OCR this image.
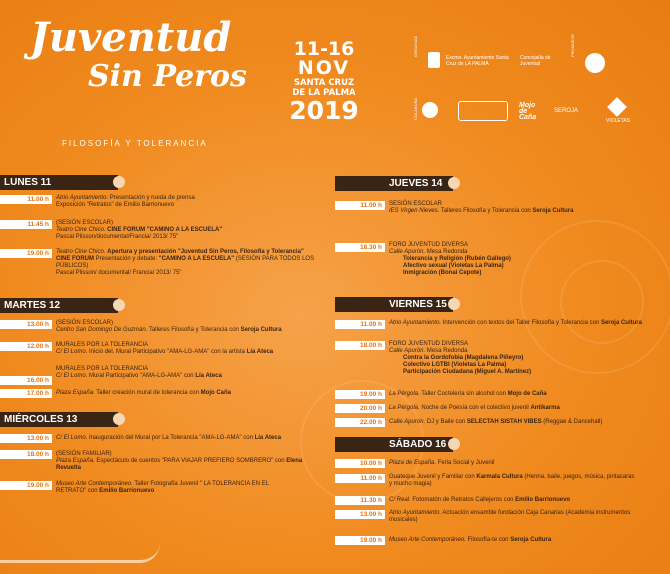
Juventud
Sin Peros
FILOSOFÍA Y TOLERANCIA
11-16
NOV
SANTA CRUZ
DE LA PALMA
2019
ORGANIZA
Excmo. Ayuntamiento Santa Cruz de LA PALMA
Concejalía de Juventud
PROMUEVE
COLABORA	Mojo de Caña
SEROJA
VIOLETAS
LUNES 11
11.00 h	Atrio Ayuntamiento. Presentación y rueda de prensa
Exposición "Retratos" de Emilio Barrionuevo
11.45 h	(SESIÓN ESCOLAR)
Teatro Cine Chico. CINE FORUM "CAMINO A LA ESCUELA"
Pascal Plisson/documental/Francia/ 2013/ 75"
19.00 h	Teatro Cine Chico. Apertura y presentación "Juventud Sin Peros, Filosofía y Tolerancia"
CINE FORUM Presentación y debate: "CAMINO A LA ESCUELA" (SESIÓN PARA TODOS LOS PÚBLICOS)
Pascal Plisson/ documental/ Francia/ 2013/ 75"
MARTES 12
13.00 h	(SESIÓN ESCOLAR)
Centro San Domingo De Guzmán. Talleres Filosofía y Tolerancia con Seroja Cultura
12.00 h	MURALES POR LA TOLERANCIA
C/ El Lomo. Inicio del. Mural Participativo "AMA-LG-AMA" con la artista Lía Ateca
16.00 h
MURALES POR LA TOLERANCIA
C/ El Lomo. Mural Participativo "AMA-LG-AMA" con Lía Ateca
17.00 h	Plaza España. Taller creación mural de tolerancia con Mojo Caña
MIÉRCOLES 13
13.00 h	C/ El Lomo. Inauguración del Mural por La Tolerancia "AMA-LG-AMA" con Lía Ateca
18.00 h	(SESIÓN FAMILIAR)
Plaza España. Espectáculo de cuentos "PARA VIAJAR PREFIERO SOMBRERO" con Elena Revuelta
19.00 h	Museo Arte Contemporáneo. Taller Fotografía Juvenil " LA TOLERANCIA EN EL RETRATO" con Emilio Barrionuevo
JUEVES 14
11.00 h	SESIÓN ESCOLAR
IES Virgen Nieves. Talleres Filosofía y Tolerancia con Seroja Cultura
18.30 h	FORO JUVENTUD DIVERSA
Calle Apurón. Mesa Redonda
Tolerancia y Religión (Rubén Gallego)
Afectivo sexual (Violetas La Palma)
Inmigración (Bonai Cepote)
VIERNES 15
11.00 h	Atrio Ayuntamiento. Intervención con textos del Taller Filosofía y Tolerancia con Seroja Cultura
18.00 h	FORO JUVENTUD DIVERSA
Calle Apurón. Mesa Redonda
Contra la Gordofobia (Magdalena Piñeyro)
Colectivo LGTBI (Violetas La Palma)
Participación Ciudadana (Miguel A. Martínez)
19.00 h	La Pérgola. Taller Coctelería sin alcohol con Mojo de Caña
20.00 h	La Pérgola. Noche de Poesía con el colectivo juvenil Antikarma
22.00 h	Calle Apurón. DJ y Baile con SELECTAH SISTAH VIBES (Reggae & Dancehall)
SÁBADO 16
10.00 h	Plaza de España. Feria Social y Juvenil
11.00 h	Guateque Juvenil y Familiar con Karmala Cultura (Henna, baile, juegos, música, pintacaras y mucho magia)
11.30 h	C/ Real. Fotomatón de Retratos Callejeros con Emilio Barrionuevo
13.00 h	Atrio Ayuntamiento. Actuación ensamble fundación Caja Canarias (Academia instrumentos musicales)
19.00 h	Museo Arte Contemporáneo. Filosofía-te con Seroja Cultura
